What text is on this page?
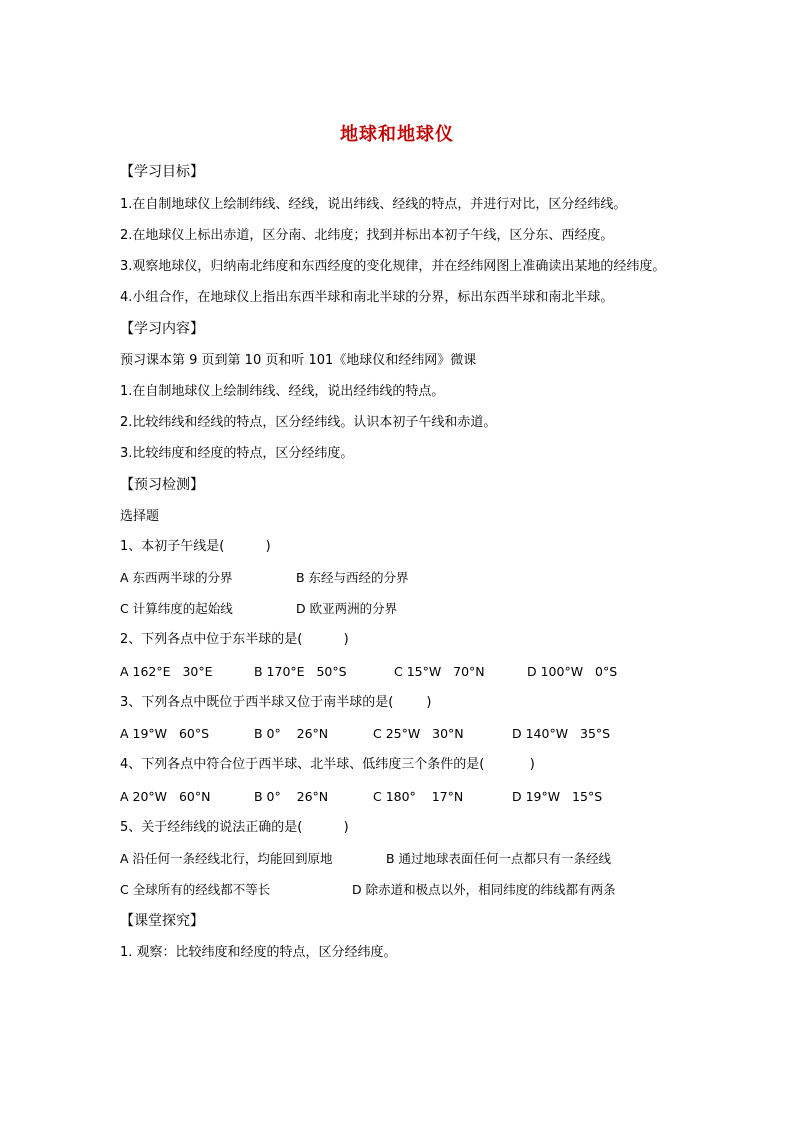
地球和地球仪
【学习目标】
1.在自制地球仪上绘制纬线、经线，说出纬线、经线的特点，并进行对比，区分经纬线。
2.在地球仪上标出赤道，区分南、北纬度；找到并标出本初子午线，区分东、西经度。
3.观察地球仪，归纳南北纬度和东西经度的变化规律，并在经纬网图上准确读出某地的经纬度。
4.小组合作，在地球仪上指出东西半球和南北半球的分界，标出东西半球和南北半球。
【学习内容】
预习课本第 9 页到第 10 页和听 101《地球仪和经纬网》微课
1.在自制地球仪上绘制纬线、经线，说出经纬线的特点。
2.比较纬线和经线的特点，区分经纬线。认识本初子午线和赤道。
3.比较纬度和经度的特点，区分经纬度。
【预习检测】
选择题
1、本初子午线是(          )
A 东西两半球的分界	B 东经与西经的分界
C 计算纬度的起始线	D 欧亚两洲的分界
2、下列各点中位于东半球的是(          )
A 162°E   30°E	B 170°E   50°S	C 15°W   70°N	D 100°W   0°S
3、下列各点中既位于西半球又位于南半球的是(        )
A 19°W   60°S	B 0°    26°N	C 25°W   30°N	D 140°W   35°S
4、下列各点中符合位于西半球、北半球、低纬度三个条件的是(           )
A 20°W   60°N	B 0°    26°N	C 180°    17°N	D 19°W   15°S
5、关于经纬线的说法正确的是(          )
A 沿任何一条经线北行，均能回到原地	B 通过地球表面任何一点都只有一条经线
C 全球所有的经线都不等长	D 除赤道和极点以外，相同纬度的纬线都有两条
【课堂探究】
1. 观察：比较纬度和经度的特点，区分经纬度。
